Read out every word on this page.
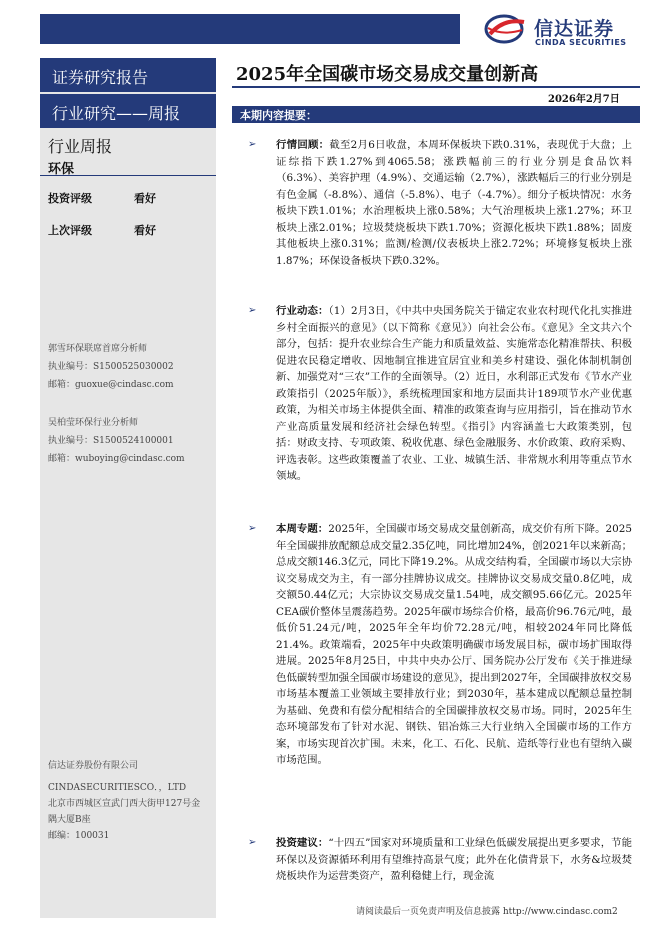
信达证券
CINDA SECURITIES
证券研究报告
行业研究——周报
行业周报
环保
投资评级	看好
上次评级	看好
郭雪环保联席首席分析师
执业编号：S1500525030002
邮箱：guoxue@cindasc.com
吴柏莹环保行业分析师
执业编号：S1500524100001
邮箱：wuboying@cindasc.com
信达证券股份有限公司
CINDASECURITIESCO．，LTD
北京市西城区宣武门西大街甲127号金隅大厦B座
邮编：100031
2025年全国碳市场交易成交量创新高
2026年2月7日
本期内容提要：
➢ 行情回顾：截至2月6日收盘，本周环保板块下跌0.31%，表现优于大盘；上证综指下跌1.27%到4065.58；涨跌幅前三的行业分别是食品饮料（6.3%）、美容护理（4.9%）、交通运输（2.7%），涨跌幅后三的行业分别是有色金属（-8.8%）、通信（-5.8%）、电子（-4.7%）。细分子板块情况：水务板块下跌1.01%；水治理板块上涨0.58%；大气治理板块上涨1.27%；环卫板块上涨2.01%；垃圾焚烧板块下跌1.70%；资源化板块下跌1.88%；固废其他板块上涨0.31%；监测/检测/仪表板块上涨2.72%；环境修复板块上涨1.87%；环保设备板块下跌0.32%。
➢ 行业动态：（1）2月3日，《中共中央国务院关于锚定农业农村现代化扎实推进乡村全面振兴的意见》（以下简称《意见》）向社会公布。《意见》全文共六个部分，包括：提升农业综合生产能力和质量效益、实施常态化精准帮扶、积极促进农民稳定增收、因地制宜推进宜居宜业和美乡村建设、强化体制机制创新、加强党对“三农”工作的全面领导。（2）近日，水利部正式发布《节水产业政策指引（2025年版）》，系统梳理国家和地方层面共计189项节水产业优惠政策，为相关市场主体提供全面、精准的政策查询与应用指引，旨在推动节水产业高质量发展和经济社会绿色转型。《指引》内容涵盖七大政策类别，包括：财政支持、专项政策、税收优惠、绿色金融服务、水价政策、政府采购、评选表彰。这些政策覆盖了农业、工业、城镇生活、非常规水利用等重点节水领域。
➢ 本周专题：2025年，全国碳市场交易成交量创新高，成交价有所下降。2025年全国碳排放配额总成交量2.35亿吨，同比增加24%，创2021年以来新高；总成交额146.3亿元，同比下降19.2%。从成交结构看，全国碳市场以大宗协议交易成交为主，有一部分挂牌协议成交。挂牌协议交易成交量0.8亿吨，成交额50.44亿元；大宗协议交易成交量1.54吨，成交额95.66亿元。2025年CEA碳价整体呈震荡趋势。2025年碳市场综合价格，最高价96.76元/吨，最低价51.24元/吨，2025年全年均价72.28元/吨，相较2024年同比降低21.4%。政策端看，2025年中央政策明确碳市场发展目标，碳市场扩围取得进展。2025年8月25日，中共中央办公厅、国务院办公厅发布《关于推进绿色低碳转型加强全国碳市场建设的意见》，提出到2027年，全国碳排放权交易市场基本覆盖工业领域主要排放行业；到2030年，基本建成以配额总量控制为基础、免费和有偿分配相结合的全国碳排放权交易市场。同时，2025年生态环境部发布了针对水泥、钢铁、铝冶炼三大行业纳入全国碳市场的工作方案，市场实现首次扩围。未来，化工、石化、民航、造纸等行业也有望纳入碳市场范围。
➢ 投资建议：“十四五”国家对环境质量和工业绿色低碳发展提出更多要求，节能环保以及资源循环利用有望维持高景气度；此外在化债背景下，水务&垃圾焚烧板块作为运营类资产，盈利稳健上行，现金流
请阅读最后一页免责声明及信息披露 http://www.cindasc.com2
